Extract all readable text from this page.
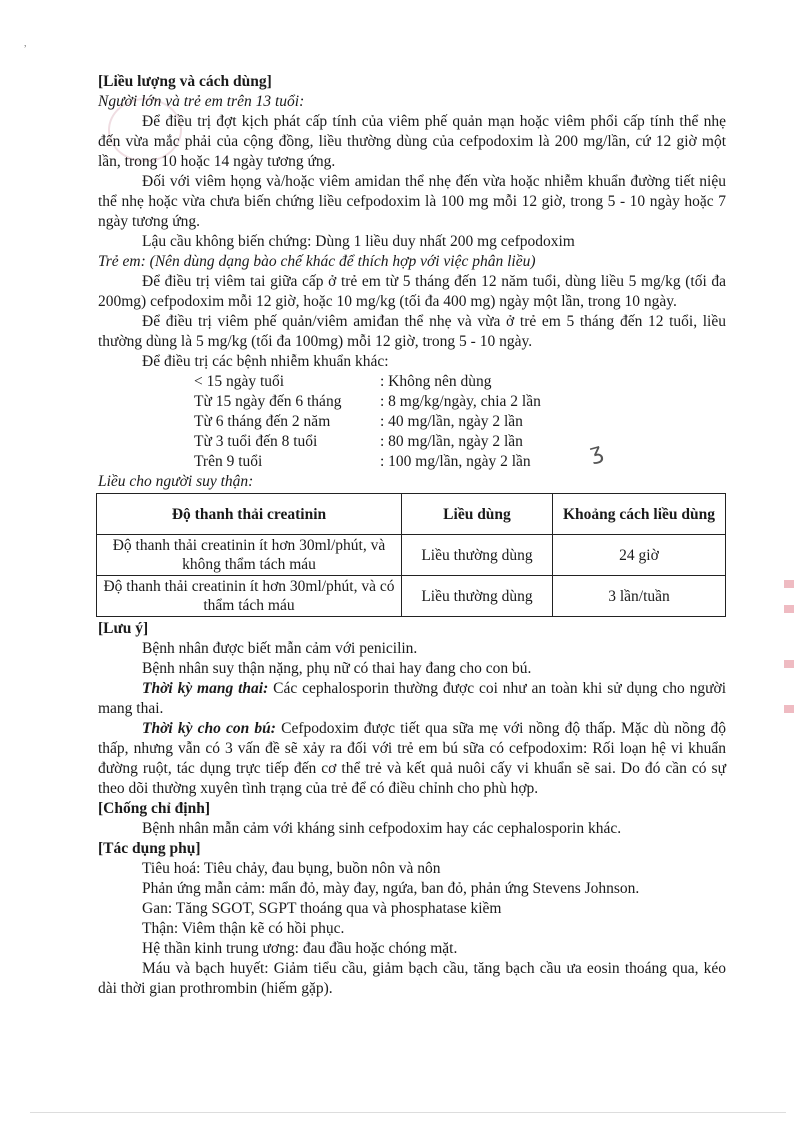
,
ʒ

[Liều lượng và cách dùng]

Người lớn và trẻ em trên 13 tuổi:

Để điều trị đợt kịch phát cấp tính của viêm phế quản mạn hoặc viêm phổi cấp tính thể nhẹ đến vừa mắc phải của cộng đồng, liều thường dùng của cefpodoxim là 200 mg/lần, cứ 12 giờ một lần, trong 10 hoặc 14 ngày tương ứng.

Đối với viêm họng và/hoặc viêm amidan thể nhẹ đến vừa hoặc nhiễm khuẩn đường tiết niệu thể nhẹ hoặc vừa chưa biến chứng liều cefpodoxim là 100 mg mỗi 12 giờ, trong 5 - 10 ngày hoặc 7 ngày tương ứng.

Lậu cầu không biến chứng: Dùng 1 liều duy nhất 200 mg cefpodoxim

Trẻ em: (Nên dùng dạng bào chế khác để thích hợp với việc phân liều)

Để điều trị viêm tai giữa cấp ở trẻ em từ 5 tháng đến 12 năm tuổi, dùng liều 5 mg/kg (tối đa 200mg) cefpodoxim mỗi 12 giờ, hoặc 10 mg/kg (tối đa 400 mg) ngày một lần, trong 10 ngày.

Để điều trị viêm phế quản/viêm amiđan thể nhẹ và vừa ở trẻ em 5 tháng đến 12 tuổi, liều thường dùng là 5 mg/kg (tối đa 100mg) mỗi 12 giờ, trong 5 - 10 ngày.

Để điều trị các bệnh nhiễm khuẩn khác:

< 15 ngày tuổi	: Không nên dùng
Từ 15 ngày đến 6 tháng	: 8 mg/kg/ngày, chia 2 lần
Từ 6 tháng đến 2 năm	: 40 mg/lần, ngày 2 lần
Từ 3 tuổi đến 8 tuổi	: 80 mg/lần, ngày 2 lần
Trên 9 tuổi	: 100 mg/lần, ngày 2 lần

Liều cho người suy thận:

Độ thanh thải creatinin	Liều dùng	Khoảng cách liều dùng
Độ thanh thải creatinin ít hơn 30ml/phút, và không thẩm tách máu	Liều thường dùng	24 giờ
Độ thanh thải creatinin ít hơn 30ml/phút, và có thẩm tách máu	Liều thường dùng	3 lần/tuần

[Lưu ý]

Bệnh nhân được biết mẫn cảm với penicilin.

Bệnh nhân suy thận nặng, phụ nữ có thai hay đang cho con bú.

Thời kỳ mang thai: Các cephalosporin thường được coi như an toàn khi sử dụng cho người mang thai.

Thời kỳ cho con bú: Cefpodoxim được tiết qua sữa mẹ với nồng độ thấp. Mặc dù nồng độ thấp, nhưng vẫn có 3 vấn đề sẽ xảy ra đối với trẻ em bú sữa có cefpodoxim: Rối loạn hệ vi khuẩn đường ruột, tác dụng trực tiếp đến cơ thể trẻ và kết quả nuôi cấy vi khuẩn sẽ sai. Do đó cần có sự theo dõi thường xuyên tình trạng của trẻ để có điều chỉnh cho phù hợp.

[Chống chỉ định]

Bệnh nhân mẫn cảm với kháng sinh cefpodoxim hay các cephalosporin khác.

[Tác dụng phụ]

Tiêu hoá: Tiêu chảy, đau bụng, buồn nôn và nôn

Phản ứng mẫn cảm: mẩn đỏ, mày đay, ngứa, ban đỏ, phản ứng Stevens Johnson.

Gan: Tăng SGOT, SGPT thoáng qua và phosphatase kiềm

Thận: Viêm thận kẽ có hồi phục.

Hệ thần kinh trung ương: đau đầu hoặc chóng mặt.

Máu và bạch huyết: Giảm tiểu cầu, giảm bạch cầu, tăng bạch cầu ưa eosin thoáng qua, kéo dài thời gian prothrombin (hiếm gặp).
